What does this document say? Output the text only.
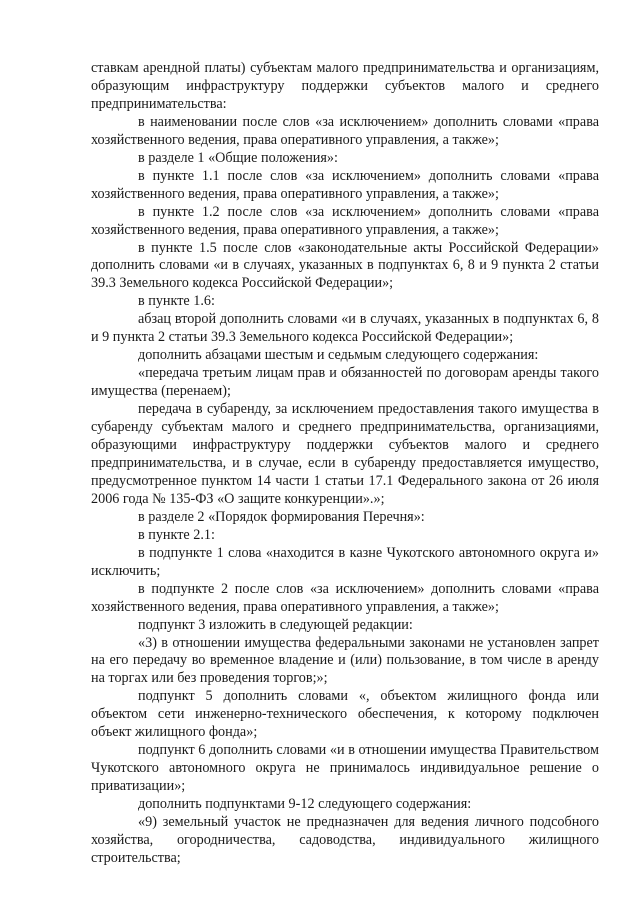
ставкам арендной платы) субъектам малого предпринимательства и организациям, образующим инфраструктуру поддержки субъектов малого и среднего предпринимательства:

в наименовании после слов «за исключением» дополнить словами «права хозяйственного ведения, права оперативного управления, а также»;

в разделе 1 «Общие положения»:

в пункте 1.1 после слов «за исключением» дополнить словами «права хозяйственного ведения, права оперативного управления, а также»;

в пункте 1.2 после слов «за исключением» дополнить словами «права хозяйственного ведения, права оперативного управления, а также»;

в пункте 1.5 после слов «законодательные акты Российской Федерации» дополнить словами «и в случаях, указанных в подпунктах 6, 8 и 9 пункта 2 статьи 39.3 Земельного кодекса Российской Федерации»;

в пункте 1.6:

абзац второй дополнить словами «и в случаях, указанных в подпунктах 6, 8 и 9 пункта 2 статьи 39.3 Земельного кодекса Российской Федерации»;

дополнить абзацами шестым и седьмым следующего содержания:

«передача третьим лицам прав и обязанностей по договорам аренды такого имущества (перенаем);

передача в субаренду, за исключением предоставления такого имущества в субаренду субъектам малого и среднего предпринимательства, организациями, образующими инфраструктуру поддержки субъектов малого и среднего предпринимательства, и в случае, если в субаренду предоставляется имущество, предусмотренное пунктом 14 части 1 статьи 17.1 Федерального закона от 26 июля 2006 года № 135-ФЗ «О защите конкуренции».»;

в разделе 2 «Порядок формирования Перечня»:

в пункте 2.1:

в подпункте 1 слова «находится в казне Чукотского автономного округа и» исключить;

в подпункте 2 после слов «за исключением» дополнить словами «права хозяйственного ведения, права оперативного управления, а также»;

подпункт 3 изложить в следующей редакции:

«3) в отношении имущества федеральными законами не установлен запрет на его передачу во временное владение и (или) пользование, в том числе в аренду на торгах или без проведения торгов;»;

подпункт 5 дополнить словами «, объектом жилищного фонда или объектом сети инженерно-технического обеспечения, к которому подключен объект жилищного фонда»;

подпункт 6 дополнить словами «и в отношении имущества Правительством Чукотского автономного округа не принималось индивидуальное решение о приватизации»;

дополнить подпунктами 9-12 следующего содержания:

«9) земельный участок не предназначен для ведения личного подсобного хозяйства, огородничества, садоводства, индивидуального жилищного строительства;
